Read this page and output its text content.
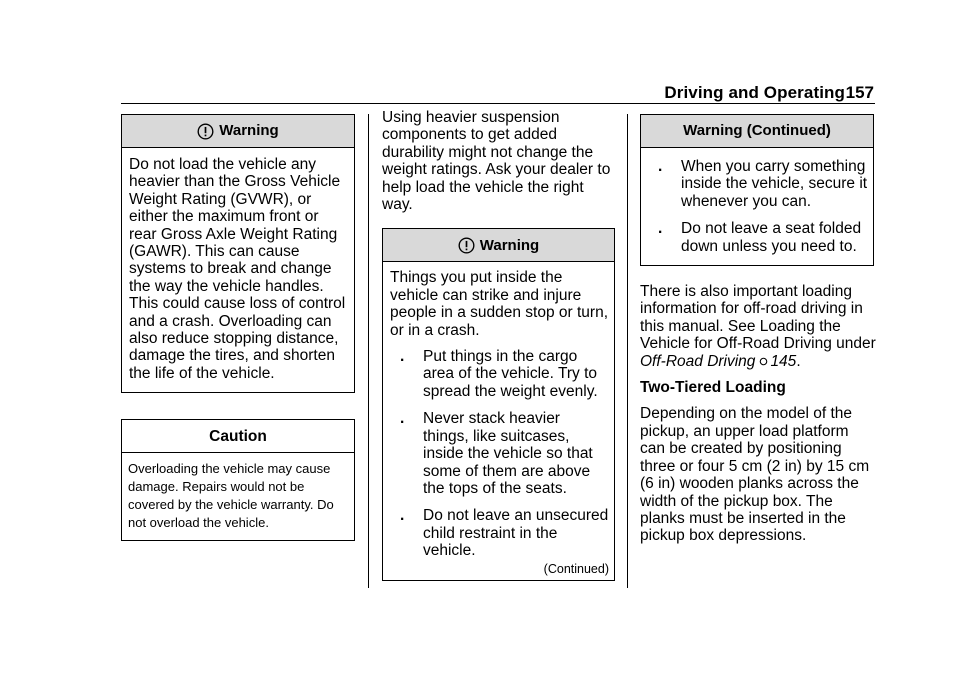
Driving and Operating 157
Warning

Do not load the vehicle any heavier than the Gross Vehicle Weight Rating (GVWR), or either the maximum front or rear Gross Axle Weight Rating (GAWR). This can cause systems to break and change the way the vehicle handles. This could cause loss of control and a crash. Overloading can also reduce stopping distance, damage the tires, and shorten the life of the vehicle.

Caution

Overloading the vehicle may cause damage. Repairs would not be covered by the vehicle warranty. Do not overload the vehicle.

Using heavier suspension components to get added durability might not change the weight ratings. Ask your dealer to help load the vehicle the right way.

Warning

Things you put inside the vehicle can strike and injure people in a sudden stop or turn, or in a crash.

. Put things in the cargo area of the vehicle. Try to spread the weight evenly.
. Never stack heavier things, like suitcases, inside the vehicle so that some of them are above the tops of the seats.
. Do not leave an unsecured child restraint in the vehicle.
(Continued)
Warning (Continued)
. When you carry something inside the vehicle, secure it whenever you can.
. Do not leave a seat folded down unless you need to.

There is also important loading information for off-road driving in this manual. See Loading the Vehicle for Off-Road Driving under Off-Road Driving 145.

Two-Tiered Loading

Depending on the model of the pickup, an upper load platform can be created by positioning three or four 5 cm (2 in) by 15 cm (6 in) wooden planks across the width of the pickup box. The planks must be inserted in the pickup box depressions.
